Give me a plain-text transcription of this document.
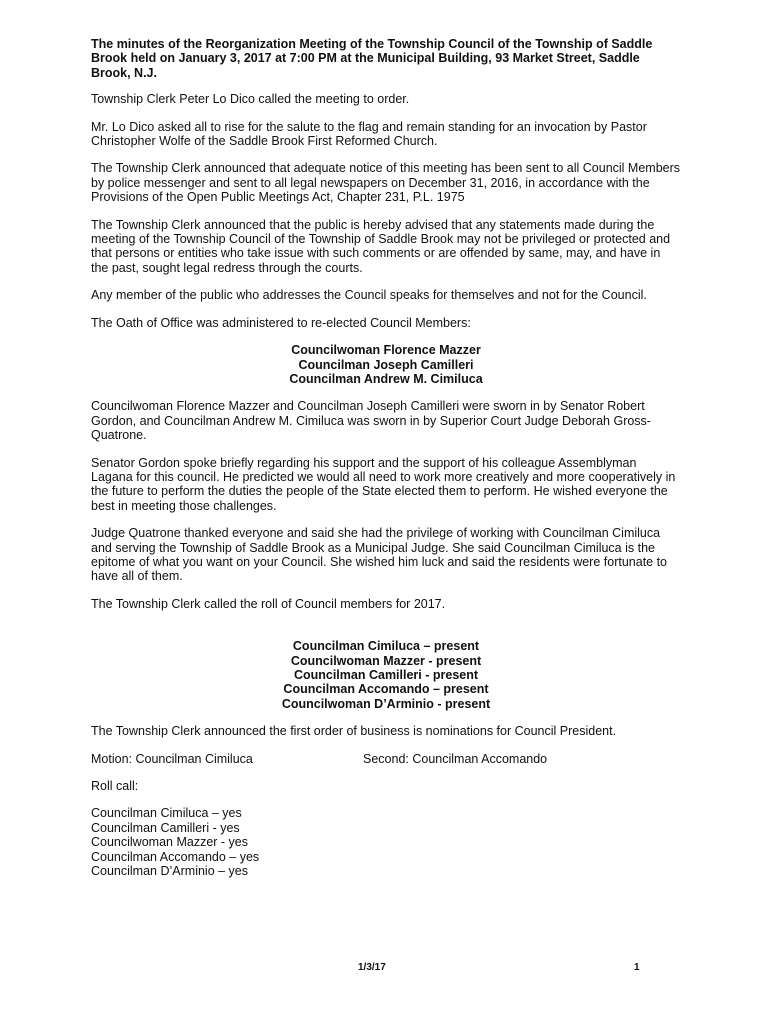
The minutes of the Reorganization Meeting of the Township Council of the Township of Saddle Brook held on January 3, 2017 at 7:00 PM at the Municipal Building, 93 Market Street, Saddle Brook, N.J.

Township Clerk Peter Lo Dico called the meeting to order.

Mr. Lo Dico asked all to rise for the salute to the flag and remain standing for an invocation by Pastor Christopher Wolfe of the Saddle Brook First Reformed Church.

The Township Clerk announced that adequate notice of this meeting has been sent to all Council Members by police messenger and sent to all legal newspapers on December 31, 2016, in accordance with the Provisions of the Open Public Meetings Act, Chapter 231, P.L. 1975

The Township Clerk announced that the public is hereby advised that any statements made during the meeting of the Township Council of the Township of Saddle Brook may not be privileged or protected and that persons or entities who take issue with such comments or are offended by same, may, and have in the past, sought legal redress through the courts.

Any member of the public who addresses the Council speaks for themselves and not for the Council.

The Oath of Office was administered to re-elected Council Members:

Councilwoman Florence Mazzer
Councilman Joseph Camilleri
Councilman Andrew M. Cimiluca

Councilwoman Florence Mazzer and Councilman Joseph Camilleri were sworn in by Senator Robert Gordon, and Councilman Andrew M. Cimiluca was sworn in by Superior Court Judge Deborah Gross-Quatrone.

Senator Gordon spoke briefly regarding his support and the support of his colleague Assemblyman Lagana for this council. He predicted we would all need to work more creatively and more cooperatively in the future to perform the duties the people of the State elected them to perform. He wished everyone the best in meeting those challenges.

Judge Quatrone thanked everyone and said she had the privilege of working with Councilman Cimiluca and serving the Township of Saddle Brook as a Municipal Judge. She said Councilman Cimiluca is the epitome of what you want on your Council. She wished him luck and said the residents were fortunate to have all of them.

The Township Clerk called the roll of Council members for 2017.

Councilman Cimiluca – present
Councilwoman Mazzer - present
Councilman Camilleri - present
Councilman Accomando – present
Councilwoman D’Arminio - present

The Township Clerk announced the first order of business is nominations for Council President.

Motion: Councilman Cimiluca	Second: Councilman Accomando

Roll call:

Councilman Cimiluca – yes
Councilman Camilleri - yes
Councilwoman Mazzer - yes
Councilman Accomando – yes
Councilman D’Arminio – yes
1/3/17	1
